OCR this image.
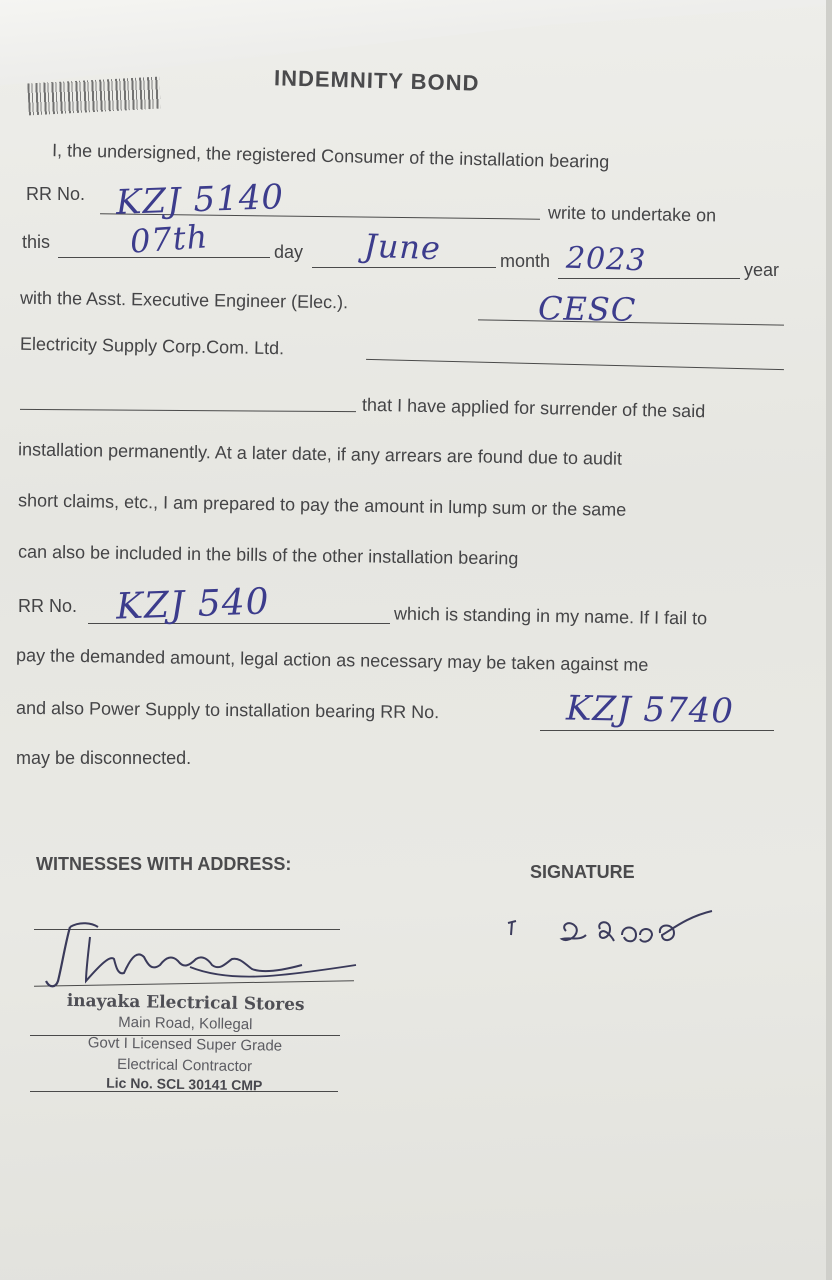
INDEMNITY BOND
I, the undersigned, the registered Consumer of the installation bearing
RR No. KZJ 5140	write to undertake on
this 07th	day June	month 2023	year
with the Asst. Executive Engineer (Elec.).	CESC
Electricity Supply Corp.Com. Ltd.
that I have applied for surrender of the said
installation permanently. At a later date, if any arrears are found due to audit
short claims, etc., I am prepared to pay the amount in lump sum or the same
can also be included in the bills of the other installation bearing
RR No. KZJ 540	which is standing in my name. If I fail to
pay the demanded amount, legal action as necessary may be taken against me
and also Power Supply to installation bearing RR No.	KZJ 5740
may be disconnected.
WITNESSES WITH ADDRESS:	SIGNATURE
inayaka Electrical Stores
Main Road, Kollegal
Govt I Licensed Super Grade
Electrical Contractor
Lic No. SCL 30141 CMP
